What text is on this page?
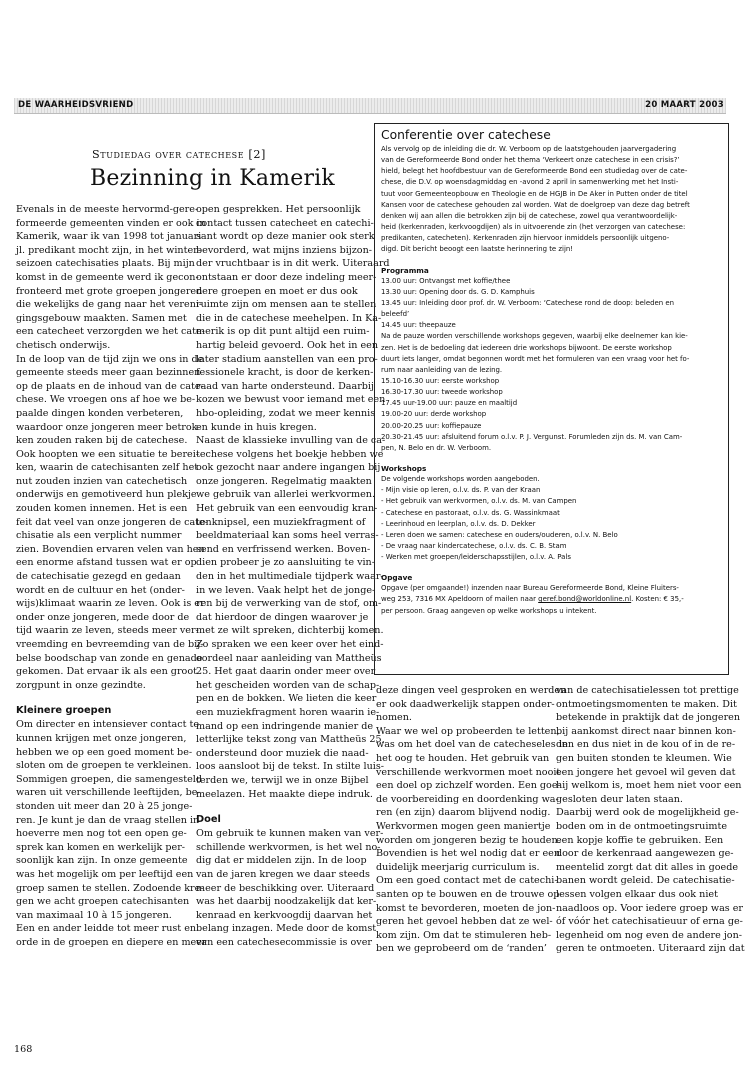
DE WAARHEIDSVRIEND	20 MAART 2003
Studiedag over catechese [2]
Bezinning in Kamerik
Evenals in de meeste hervormd-gere-
formeerde gemeenten vinden er ook in
Kamerik, waar ik van 1998 tot januari
jl. predikant mocht zijn, in het winter-
seizoen catechisaties plaats. Bij mijn
komst in de gemeente werd ik gecon-
fronteerd met grote groepen jongeren
die wekelijks de gang naar het vereni-
gingsgebouw maakten. Samen met
een catecheet verzorgden we het cate-
chetisch onderwijs.
In de loop van de tijd zijn we ons in de
gemeente steeds meer gaan bezinnen
op de plaats en de inhoud van de cate-
chese. We vroegen ons af hoe we be-
paalde dingen konden verbeteren,
waardoor onze jongeren meer betrok-
ken zouden raken bij de catechese.
Ook hoopten we een situatie te berei-
ken, waarin de catechisanten zelf het
nut zouden inzien van catechetisch
onderwijs en gemotiveerd hun plekje
zouden komen innemen. Het is een
feit dat veel van onze jongeren de cate-
chisatie als een verplicht nummer
zien. Bovendien ervaren velen van hen
een enorme afstand tussen wat er op
de catechisatie gezegd en gedaan
wordt en de cultuur en het (onder-
wijs)klimaat waarin ze leven. Ook is er
onder onze jongeren, mede door de
tijd waarin ze leven, steeds meer ver-
vreemding en bevreemding van de bij-
belse boodschap van zonde en genade
gekomen. Dat ervaar ik als een groot
zorgpunt in onze gezindte.
Kleinere groepen
Om directer en intensiever contact te
kunnen krijgen met onze jongeren,
hebben we op een goed moment be-
sloten om de groepen te verkleinen.
Sommigen groepen, die samengesteld
waren uit verschillende leeftijden, be-
stonden uit meer dan 20 à 25 jonge-
ren. Je kunt je dan de vraag stellen in
hoeverre men nog tot een open ge-
sprek kan komen en werkelijk per-
soonlijk kan zijn. In onze gemeente
was het mogelijk om per leeftijd een
groep samen te stellen. Zodoende kre-
gen we acht groepen catechisanten
van maximaal 10 à 15 jongeren.
Een en ander leidde tot meer rust en
orde in de groepen en diepere en meer
168
open gesprekken. Het persoonlijk
contact tussen catecheet en catechi-
sant wordt op deze manier ook sterk
bevorderd, wat mijns inziens bijzon-
der vruchtbaar is in dit werk. Uiteraard
ontstaan er door deze indeling meer-
dere groepen en moet er dus ook
ruimte zijn om mensen aan te stellen
die in de catechese meehelpen. In Ka-
merik is op dit punt altijd een ruim-
hartig beleid gevoerd. Ook het in een
later stadium aanstellen van een pro-
fessionele kracht, is door de kerken-
raad van harte ondersteund. Daarbij
kozen we bewust voor iemand met een
hbo-opleiding, zodat we meer kennis
en kunde in huis kregen.
Naast de klassieke invulling van de ca-
techese volgens het boekje hebben we
ook gezocht naar andere ingangen bij
onze jongeren. Regelmatig maakten
we gebruik van allerlei werkvormen.
Het gebruik van een eenvoudig kran-
tenknipsel, een muziekfragment of
beeldmateriaal kan soms heel verras-
send en verfrissend werken. Boven-
dien probeer je zo aansluiting te vin-
den in het multimediale tijdperk waar-
in we leven. Vaak helpt het de jonge-
ren bij de verwerking van de stof, om-
dat hierdoor de dingen waarover je
met ze wilt spreken, dichterbij komen.
Zo spraken we een keer over het eind-
oordeel naar aanleiding van Mattheüs
25. Het gaat daarin onder meer over
het gescheiden worden van de schap-
pen en de bokken. We lieten die keer
een muziekfragment horen waarin ie-
mand op een indringende manier de
letterlijke tekst zong van Mattheüs 25,
ondersteund door muziek die naad-
loos aansloot bij de tekst. In stilte luis-
terden we, terwijl we in onze Bijbel
meelazen. Het maakte diepe indruk.
Doel
Om gebruik te kunnen maken van ver-
schillende werkvormen, is het wel no-
dig dat er middelen zijn. In de loop
van de jaren kregen we daar steeds
meer de beschikking over. Uiteraard
was het daarbij noodzakelijk dat ker-
kenraad en kerkvoogdij daarvan het
belang inzagen. Mede door de komst
van een catechesecommissie is over
Conferentie over catechese
Als vervolg op de inleiding die dr. W. Verboom op de laatstgehouden jaarvergadering
van de Gereformeerde Bond onder het thema ‘Verkeert onze catechese in een crisis?’
hield, belegt het hoofdbestuur van de Gereformeerde Bond een studiedag over de cate-
chese, die D.V. op woensdagmiddag en -avond 2 april in samenwerking met het Insti-
tuut voor Gemeenteopbouw en Theologie en de HGJB in De Aker in Putten onder de titel
Kansen voor de catechese gehouden zal worden. Wat de doelgroep van deze dag betreft
denken wij aan allen die betrokken zijn bij de catechese, zowel qua verantwoordelijk-
heid (kerkenraden, kerkvoogdijen) als in uitvoerende zin (het verzorgen van catechese:
predikanten, catecheten). Kerkenraden zijn hiervoor inmiddels persoonlijk uitgeno-
digd. Dit bericht beoogt een laatste herinnering te zijn!
Programma
13.00 uur: Ontvangst met koffie/thee
13.30 uur: Opening door ds. G. D. Kamphuis
13.45 uur: Inleiding door prof. dr. W. Verboom: ‘Catechese rond de doop: beleden en
beleefd’
14.45 uur: theepauze
Na de pauze worden verschillende workshops gegeven, waarbij elke deelnemer kan kie-
zen. Het is de bedoeling dat iedereen drie workshops bijwoont. De eerste workshop
duurt iets langer, omdat begonnen wordt met het formuleren van een vraag voor het fo-
rum naar aanleiding van de lezing.
15.10-16.30 uur: eerste workshop
16.30-17.30 uur: tweede workshop
17.45 uur-19.00 uur: pauze en maaltijd
19.00-20 uur: derde workshop
20.00-20.25 uur: koffiepauze
20.30-21.45 uur: afsluitend forum o.l.v. P. J. Vergunst. Forumleden zijn ds. M. van Cam-
pen, N. Belo en dr. W. Verboom.
Workshops
De volgende workshops worden aangeboden.
- Mijn visie op leren, o.l.v. ds. P. van der Kraan
- Het gebruik van werkvormen, o.l.v. ds. M. van Campen
- Catechese en pastoraat, o.l.v. ds. G. Wassinkmaat
- Leerinhoud en leerplan, o.l.v. ds. D. Dekker
- Leren doen we samen: catechese en ouders/ouderen, o.l.v. N. Belo
- De vraag naar kindercatechese, o.l.v. ds. C. B. Stam
- Werken met groepen/leiderschapsstijlen, o.l.v. A. Pals
Opgave
Opgave (per omgaande!) inzenden naar Bureau Gereformeerde Bond, Kleine Fluiters-
weg 253, 7316 MX Apeldoorn of mailen naar geref.bond@worldonline.nl. Kosten: € 35,-
per persoon. Graag aangeven op welke workshops u intekent.
deze dingen veel gesproken en werden
er ook daadwerkelijk stappen onder-
nomen.
Waar we wel op probeerden te letten,
was om het doel van de catecheseles in
het oog te houden. Het gebruik van
verschillende werkvormen moet nooit
een doel op zichzelf worden. Een goe-
de voorbereiding en doordenking wa-
ren (en zijn) daarom blijvend nodig.
Werkvormen mogen geen maniertje
worden om jongeren bezig te houden.
Bovendien is het wel nodig dat er een
duidelijk meerjarig curriculum is.
Om een goed contact met de catechi-
santen op te bouwen en de trouwe op-
komst te bevorderen, moeten de jon-
geren het gevoel hebben dat ze wel-
kom zijn. Om dat te stimuleren heb-
ben we geprobeerd om de ‘randen’
van de catechisatielessen tot prettige
ontmoetingsmomenten te maken. Dit
betekende in praktijk dat de jongeren
bij aankomst direct naar binnen kon-
den en dus niet in de kou of in de re-
gen buiten stonden te kleumen. Wie
een jongere het gevoel wil geven dat
hij welkom is, moet hem niet voor een
gesloten deur laten staan.
Daarbij werd ook de mogelijkheid ge-
boden om in de ontmoetingsruimte
een kopje koffie te gebruiken. Een
door de kerkenraad aangewezen ge-
meentelid zorgt dat dit alles in goede
banen wordt geleid. De catechisatie-
lessen volgen elkaar dus ook niet
naadloos op. Voor iedere groep was er
óf vóór het catechisatieuur of erna ge-
legenheid om nog even de andere jon-
geren te ontmoeten. Uiteraard zijn dat
